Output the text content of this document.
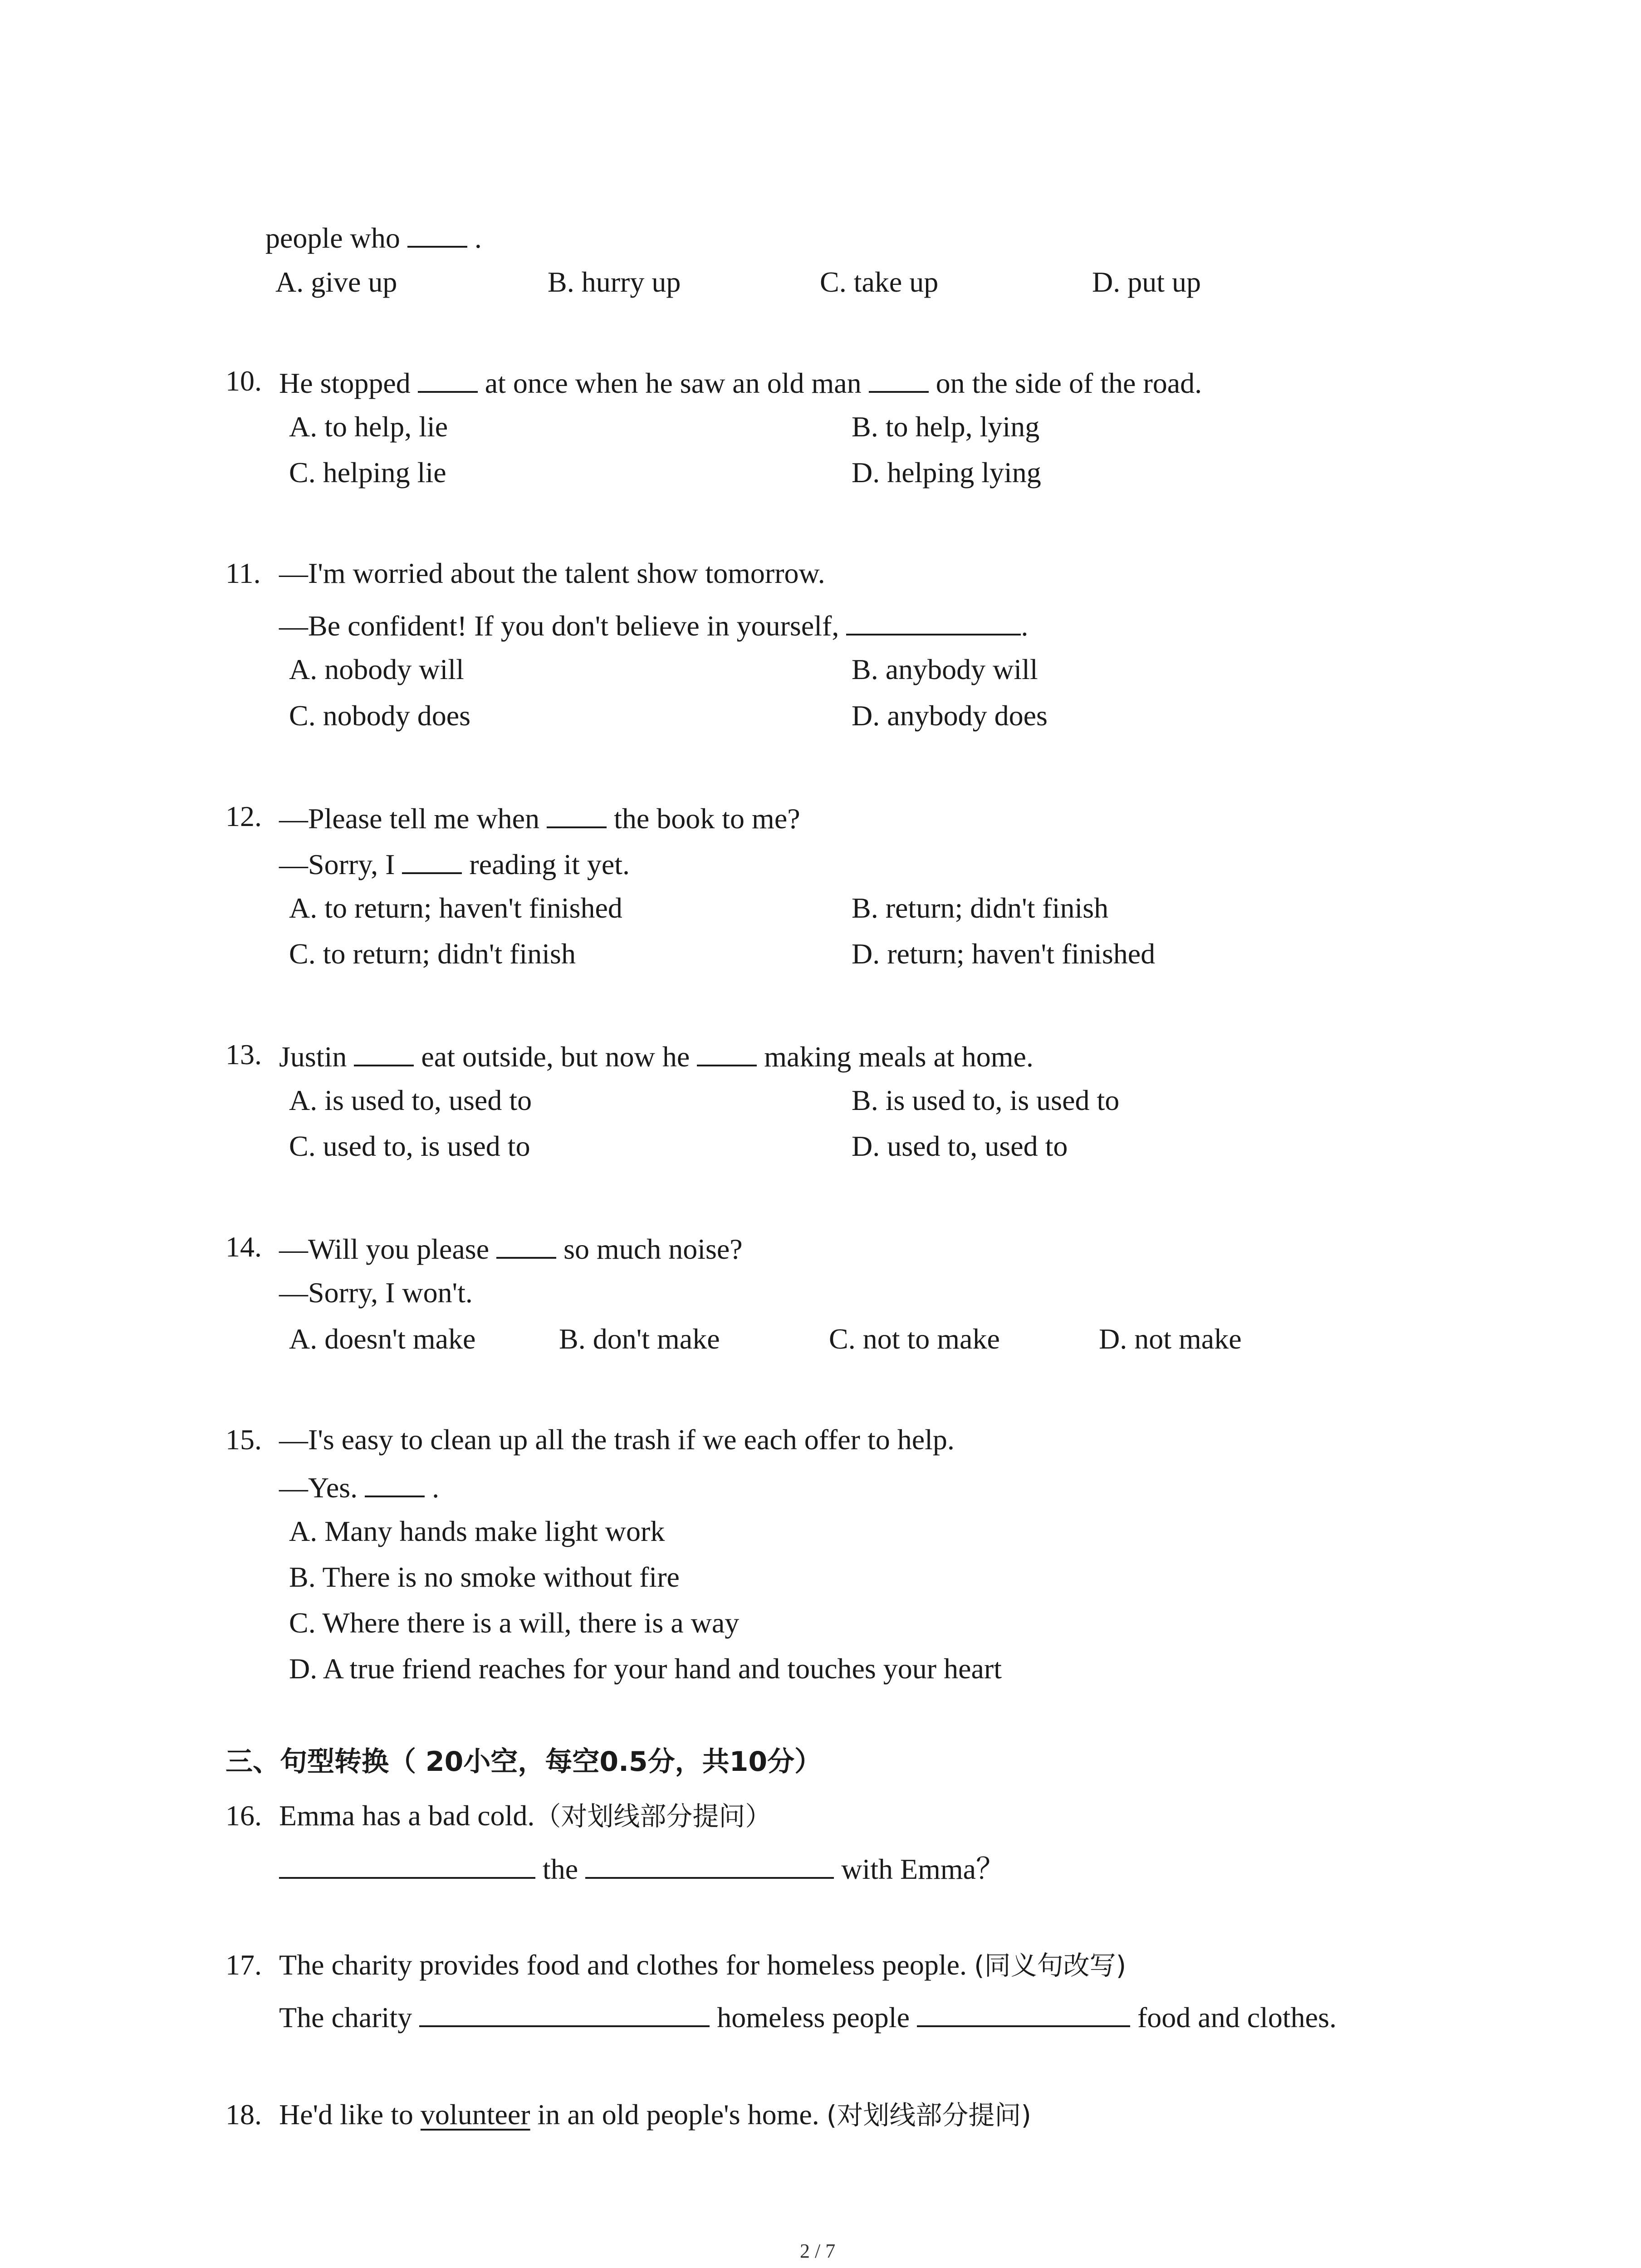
people who  .
A. give up	B. hurry up	C. take up	D. put up
10. He stopped	at once when he saw an old man	on the side of the road.
A. to help, lie	B. to help, lying
C. helping lie	D. helping lying
11. —I'm worried about the talent show tomorrow.
—Be confident! If you don't believe in yourself,	.
A. nobody will	B. anybody will
C. nobody does	D. anybody does
12. —Please tell me when	the book to me?
—Sorry, I	reading it yet.
A. to return; haven't finished	B. return; didn't finish
C. to return; didn't finish	D. return; haven't finished
13. Justin	eat outside, but now he	making meals at home.
A. is used to, used to	B. is used to, is used to
C. used to, is used to	D. used to, used to
14. —Will you please	so much noise?
—Sorry, I won't.
A. doesn't make	B. don't make	C. not to make	D. not make
15. —I's easy to clean up all the trash if we each offer to help.
—Yes.  .
A. Many hands make light work
B. There is no smoke without fire
C. Where there is a will, there is a way
D. A true friend reaches for your hand and touches your heart
三、句型转换（ 20小空，每空0.5分，共10分）
16. Emma has a bad cold.（对划线部分提问）
the	with Emma？
17. The charity provides food and clothes for homeless people. (同义句改写)
The charity	homeless people	food and clothes.
18. He'd like to volunteer in an old people's home. (对划线部分提问)
2 / 7
